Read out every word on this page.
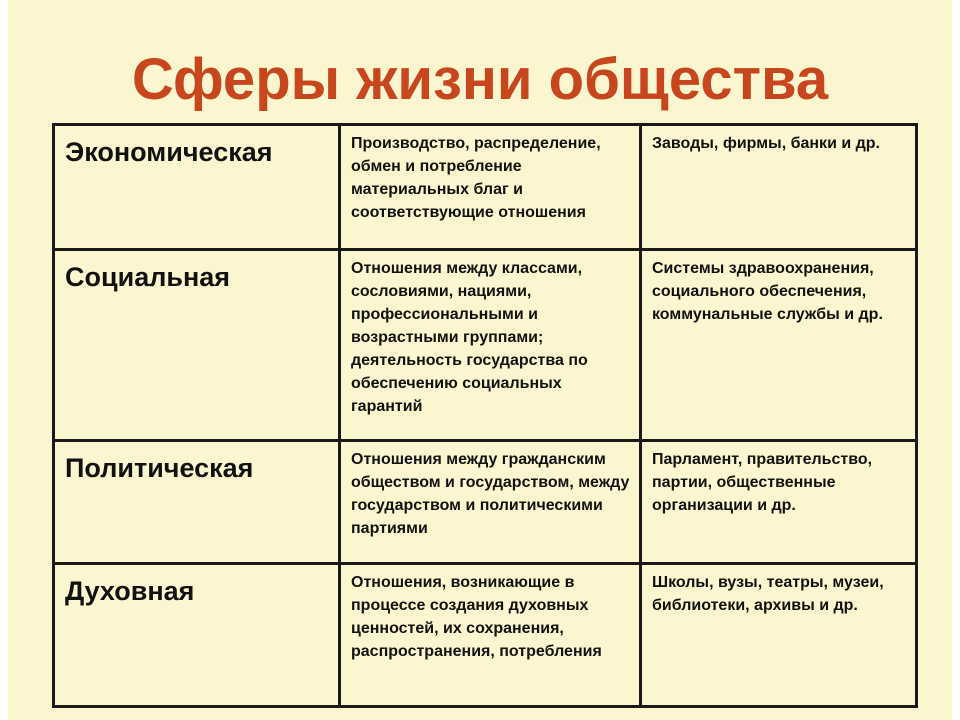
Сферы жизни общества
Экономическая	Производство, распределение, обмен и потребление материальных благ и соответствующие отношения	Заводы, фирмы, банки и др.
Социальная	Отношения между классами, сословиями, нациями, профессиональными и возрастными группами; деятельность государства по обеспечению социальных гарантий	Системы здравоохранения, социального обеспечения, коммунальные службы и др.
Политическая	Отношения между гражданским обществом и государством, между государством и политическими партиями	Парламент, правительство, партии, общественные организации и др.
Духовная	Отношения, возникающие в процессе создания духовных ценностей, их сохранения, распространения, потребления	Школы, вузы, театры, музеи, библиотеки, архивы и др.
